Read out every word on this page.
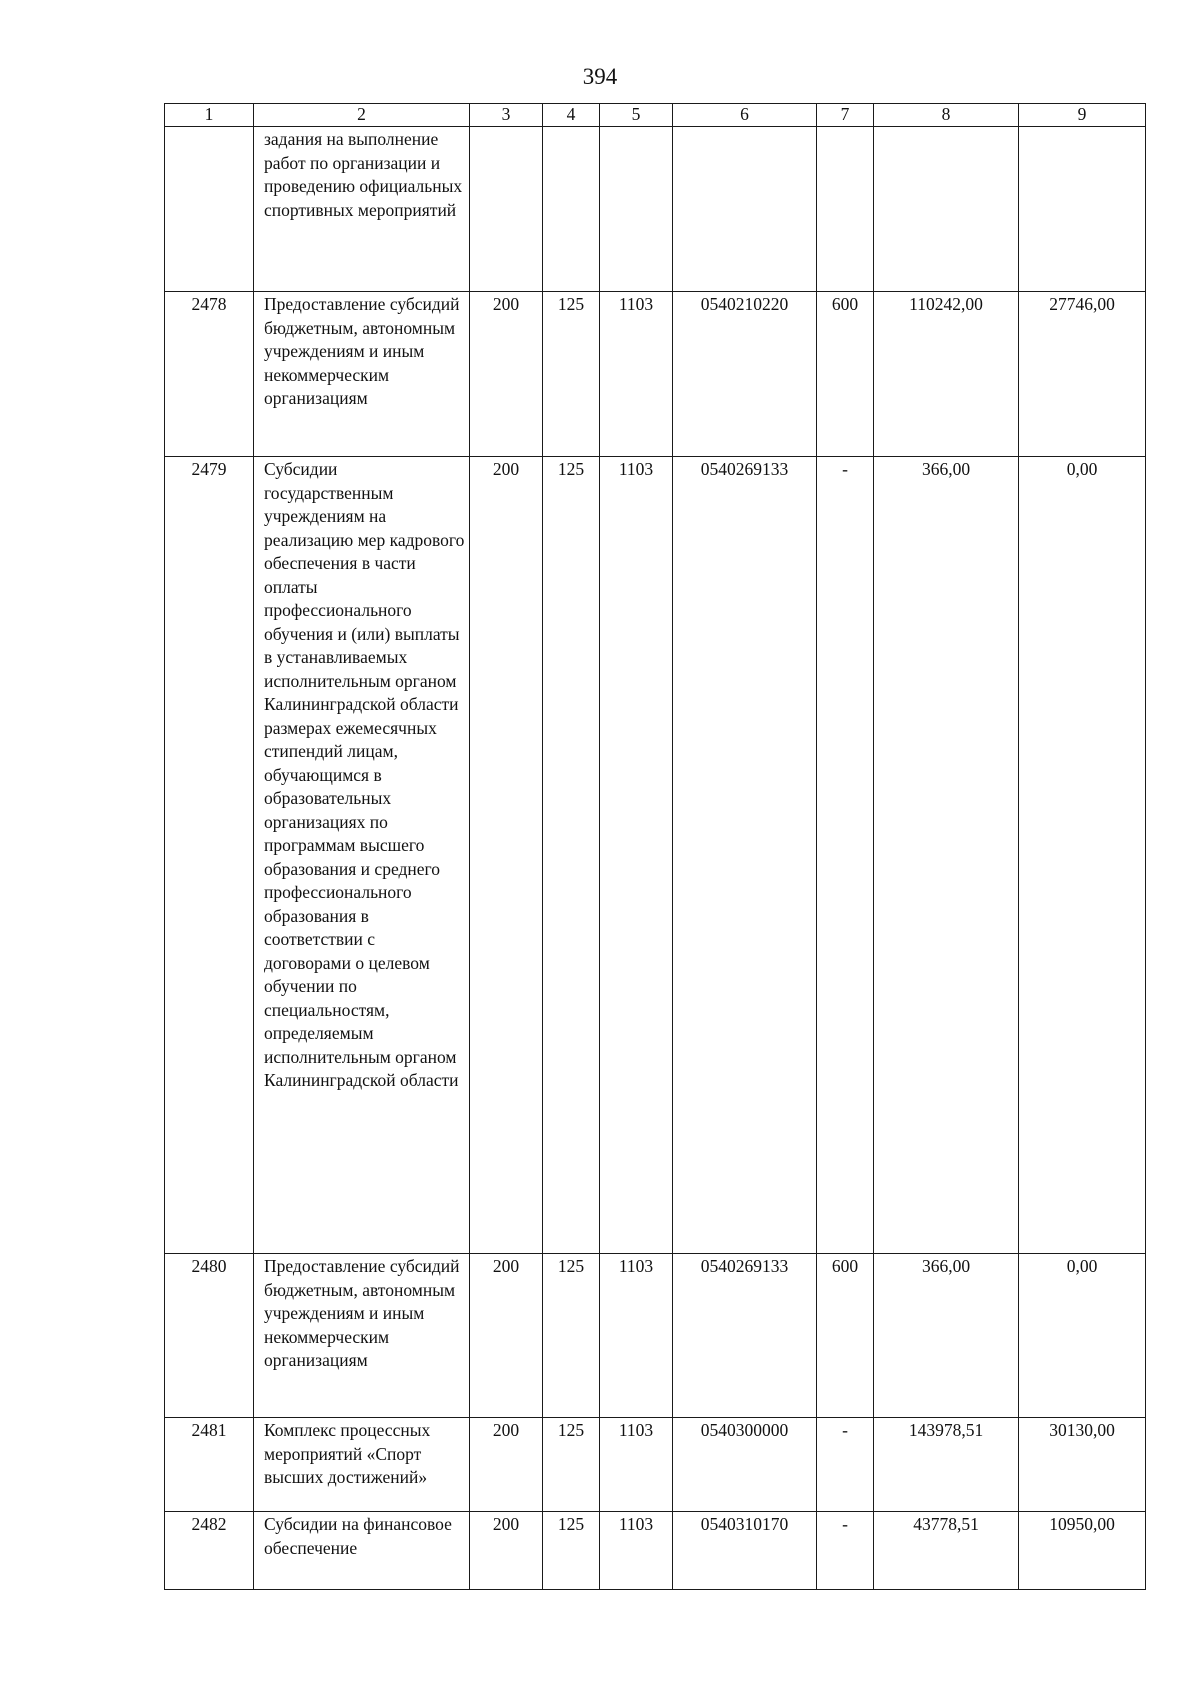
394
1	2	3	4	5	6	7	8	9
	задания на выполнение работ по организации и проведению официальных спортивных мероприятий							
2478	Предоставление субсидий бюджетным, автономным учреждениям и иным некоммерческим организациям	200	125	1103	0540210220	600	110242,00	27746,00
2479	Субсидии государственным учреждениям на реализацию мер кадрового обеспечения в части оплаты профессионального обучения и (или) выплаты в устанавливаемых исполнительным органом Калининградской области размерах ежемесячных стипендий лицам, обучающимся в образовательных организациях по программам высшего образования и среднего профессионального образования в соответствии с договорами о целевом обучении по специальностям, определяемым исполнительным органом Калининградской области	200	125	1103	0540269133	-	366,00	0,00
2480	Предоставление субсидий бюджетным, автономным учреждениям и иным некоммерческим организациям	200	125	1103	0540269133	600	366,00	0,00
2481	Комплекс процессных мероприятий «Спорт высших достижений»	200	125	1103	0540300000	-	143978,51	30130,00
2482	Субсидии на финансовое обеспечение	200	125	1103	0540310170	-	43778,51	10950,00
